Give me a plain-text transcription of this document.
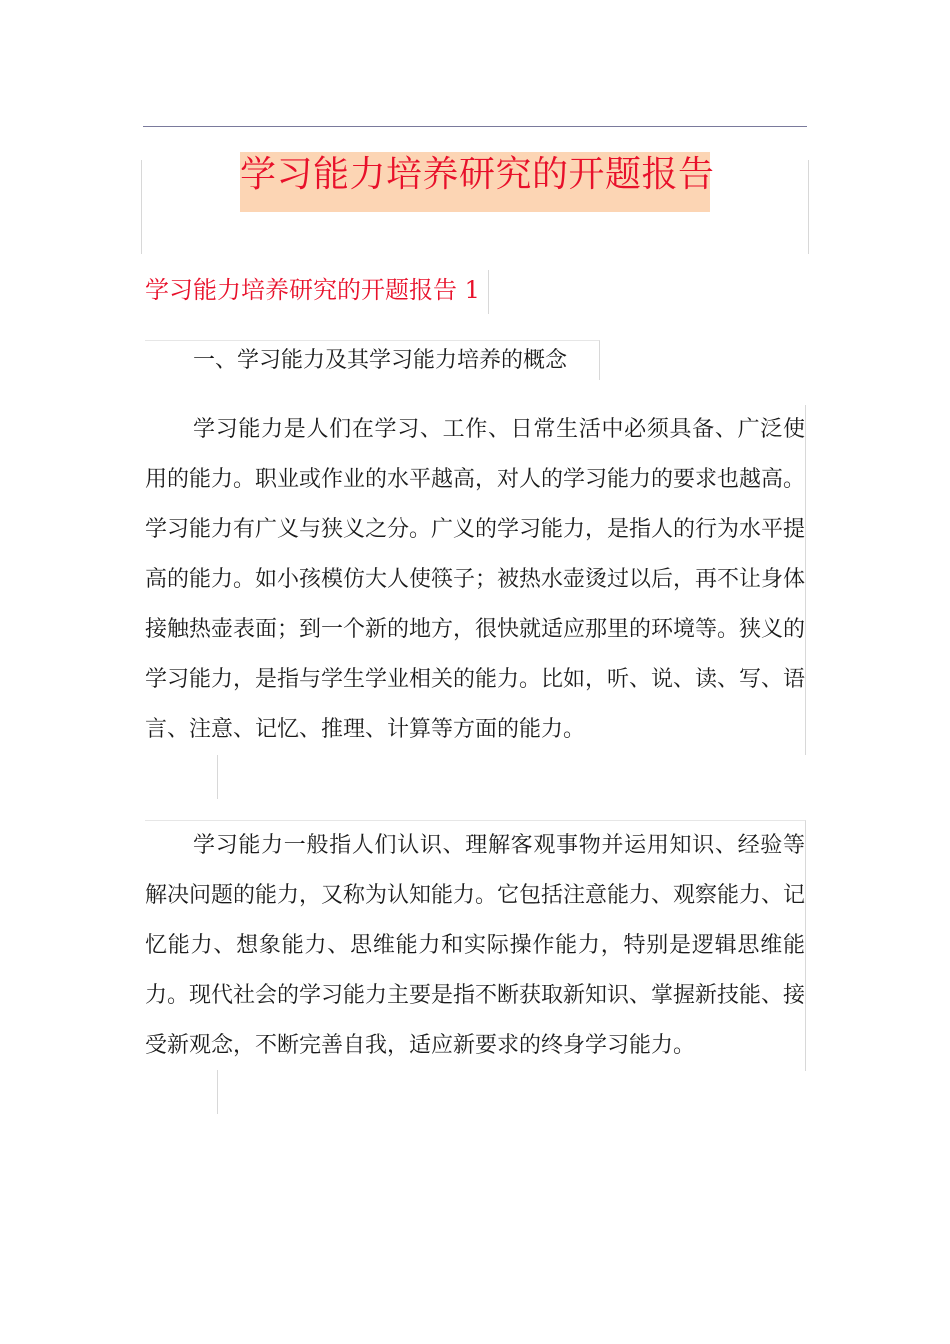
学习能力培养研究的开题报告
学习能力培养研究的开题报告 1
一、学习能力及其学习能力培养的概念

学习能力是人们在学习、工作、日常生活中必须具备、广泛使用的能力。职业或作业的水平越高，对人的学习能力的要求也越高。学习能力有广义与狭义之分。广义的学习能力，是指人的行为水平提高的能力。如小孩模仿大人使筷子；被热水壶烫过以后，再不让身体接触热壶表面；到一个新的地方，很快就适应那里的环境等。狭义的学习能力，是指与学生学业相关的能力。比如，听、说、读、写、语言、注意、记忆、推理、计算等方面的能力。

学习能力一般指人们认识、理解客观事物并运用知识、经验等解决问题的能力，又称为认知能力。它包括注意能力、观察能力、记忆能力、想象能力、思维能力和实际操作能力，特别是逻辑思维能力。现代社会的学习能力主要是指不断获取新知识、掌握新技能、接受新观念，不断完善自我，适应新要求的终身学习能力。
